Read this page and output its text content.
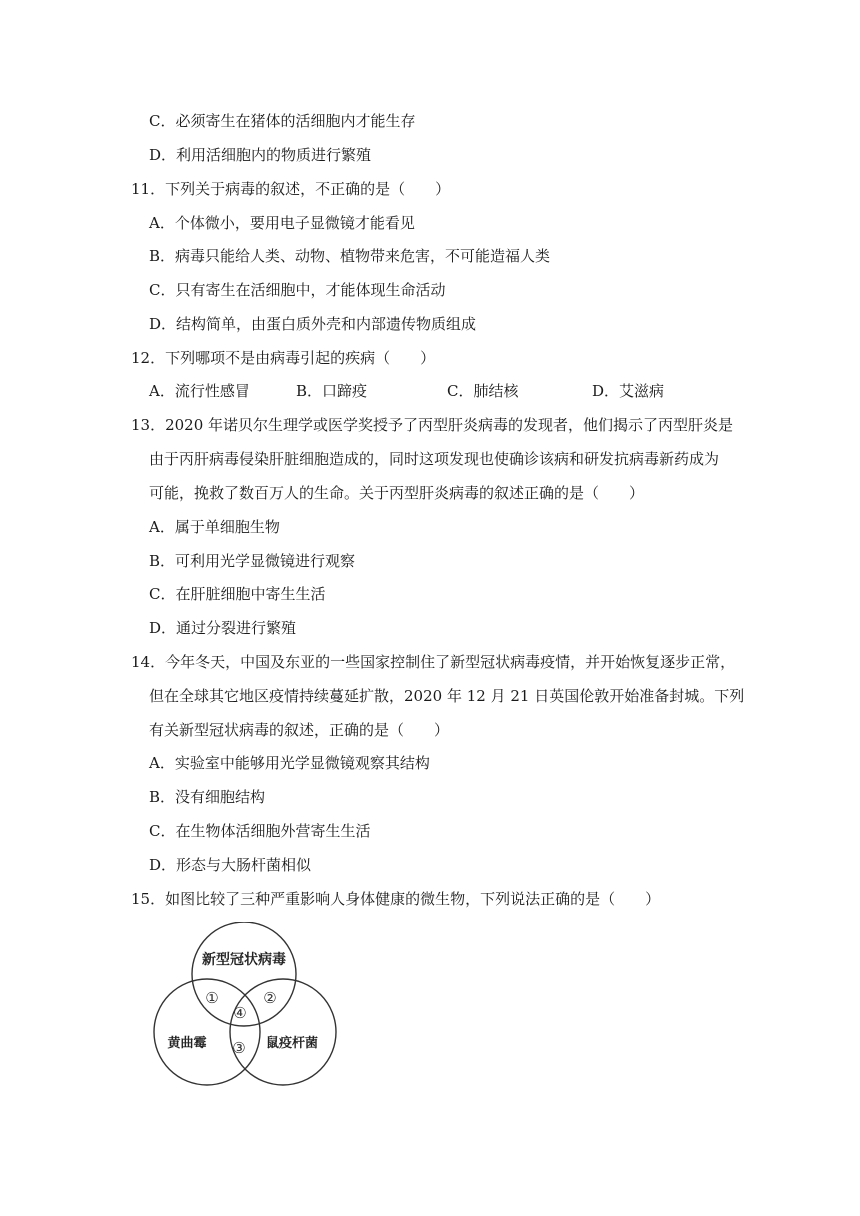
C．必须寄生在猪体的活细胞内才能生存
D．利用活细胞内的物质进行繁殖
11．下列关于病毒的叙述，不正确的是（　　）
A．个体微小，要用电子显微镜才能看见
B．病毒只能给人类、动物、植物带来危害，不可能造福人类
C．只有寄生在活细胞中，才能体现生命活动
D．结构简单，由蛋白质外壳和内部遗传物质组成
12．下列哪项不是由病毒引起的疾病（　　）
A．流行性感冒	B．口蹄疫	C．肺结核	D．艾滋病
13．2020 年诺贝尔生理学或医学奖授予了丙型肝炎病毒的发现者，他们揭示了丙型肝炎是
由于丙肝病毒侵染肝脏细胞造成的，同时这项发现也使确诊该病和研发抗病毒新药成为
可能，挽救了数百万人的生命。关于丙型肝炎病毒的叙述正确的是（　　）
A．属于单细胞生物
B．可利用光学显微镜进行观察
C．在肝脏细胞中寄生生活
D．通过分裂进行繁殖
14．今年冬天，中国及东亚的一些国家控制住了新型冠状病毒疫情，并开始恢复逐步正常，
但在全球其它地区疫情持续蔓延扩散，2020 年 12 月 21 日英国伦敦开始准备封城。下列
有关新型冠状病毒的叙述，正确的是（　　）
A．实验室中能够用光学显微镜观察其结构
B．没有细胞结构
C．在生物体活细胞外营寄生生活
D．形态与大肠杆菌相似
15．如图比较了三种严重影响人身体健康的微生物，下列说法正确的是（　　）
新型冠状病毒
黄曲霉	鼠疫杆菌
①	②
④
③
